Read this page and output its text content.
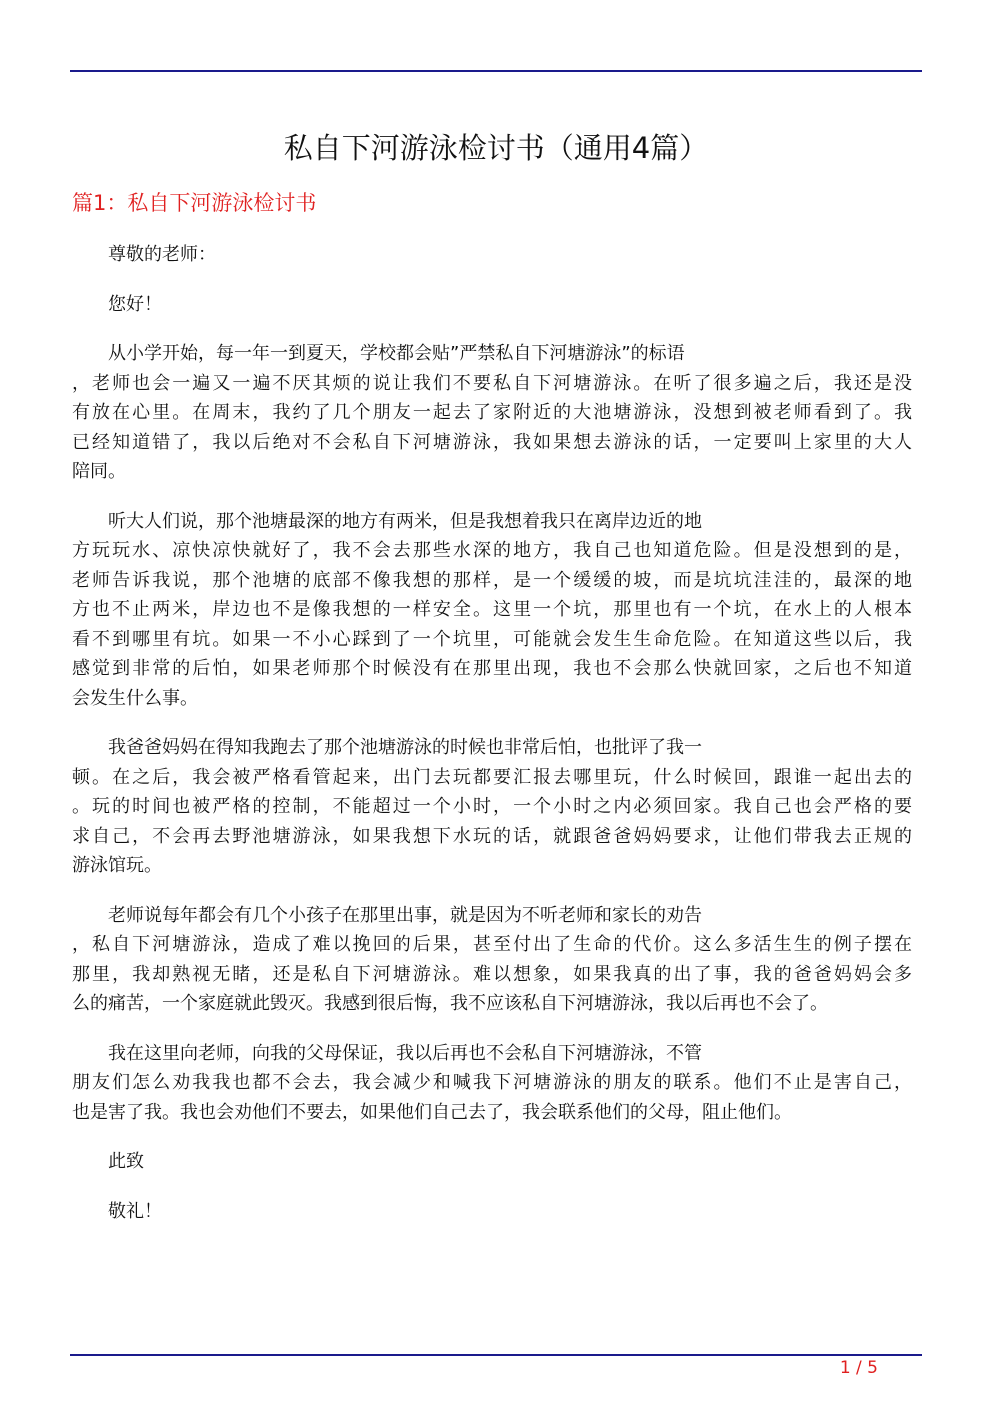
私自下河游泳检讨书（通用4篇）
篇1：私自下河游泳检讨书

尊敬的老师：

您好！

从小学开始，每一年一到夏天，学校都会贴”严禁私自下河塘游泳”的标语
，老师也会一遍又一遍不厌其烦的说让我们不要私自下河塘游泳。在听了很多遍之后，我还是没
有放在心里。在周末，我约了几个朋友一起去了家附近的大池塘游泳，没想到被老师看到了。我
已经知道错了，我以后绝对不会私自下河塘游泳，我如果想去游泳的话，一定要叫上家里的大人
陪同。

听大人们说，那个池塘最深的地方有两米，但是我想着我只在离岸边近的地
方玩玩水、凉快凉快就好了，我不会去那些水深的地方，我自己也知道危险。但是没想到的是，
老师告诉我说，那个池塘的底部不像我想的那样，是一个缓缓的坡，而是坑坑洼洼的，最深的地
方也不止两米，岸边也不是像我想的一样安全。这里一个坑，那里也有一个坑，在水上的人根本
看不到哪里有坑。如果一不小心踩到了一个坑里，可能就会发生生命危险。在知道这些以后，我
感觉到非常的后怕，如果老师那个时候没有在那里出现，我也不会那么快就回家，之后也不知道
会发生什么事。

我爸爸妈妈在得知我跑去了那个池塘游泳的时候也非常后怕，也批评了我一
顿。在之后，我会被严格看管起来，出门去玩都要汇报去哪里玩，什么时候回，跟谁一起出去的
。玩的时间也被严格的控制，不能超过一个小时，一个小时之内必须回家。我自己也会严格的要
求自己，不会再去野池塘游泳，如果我想下水玩的话，就跟爸爸妈妈要求，让他们带我去正规的
游泳馆玩。

老师说每年都会有几个小孩子在那里出事，就是因为不听老师和家长的劝告
，私自下河塘游泳，造成了难以挽回的后果，甚至付出了生命的代价。这么多活生生的例子摆在
那里，我却熟视无睹，还是私自下河塘游泳。难以想象，如果我真的出了事，我的爸爸妈妈会多
么的痛苦，一个家庭就此毁灭。我感到很后悔，我不应该私自下河塘游泳，我以后再也不会了。

我在这里向老师，向我的父母保证，我以后再也不会私自下河塘游泳，不管
朋友们怎么劝我我也都不会去，我会减少和喊我下河塘游泳的朋友的联系。他们不止是害自己，
也是害了我。我也会劝他们不要去，如果他们自己去了，我会联系他们的父母，阻止他们。

此致

敬礼！

1 / 5
